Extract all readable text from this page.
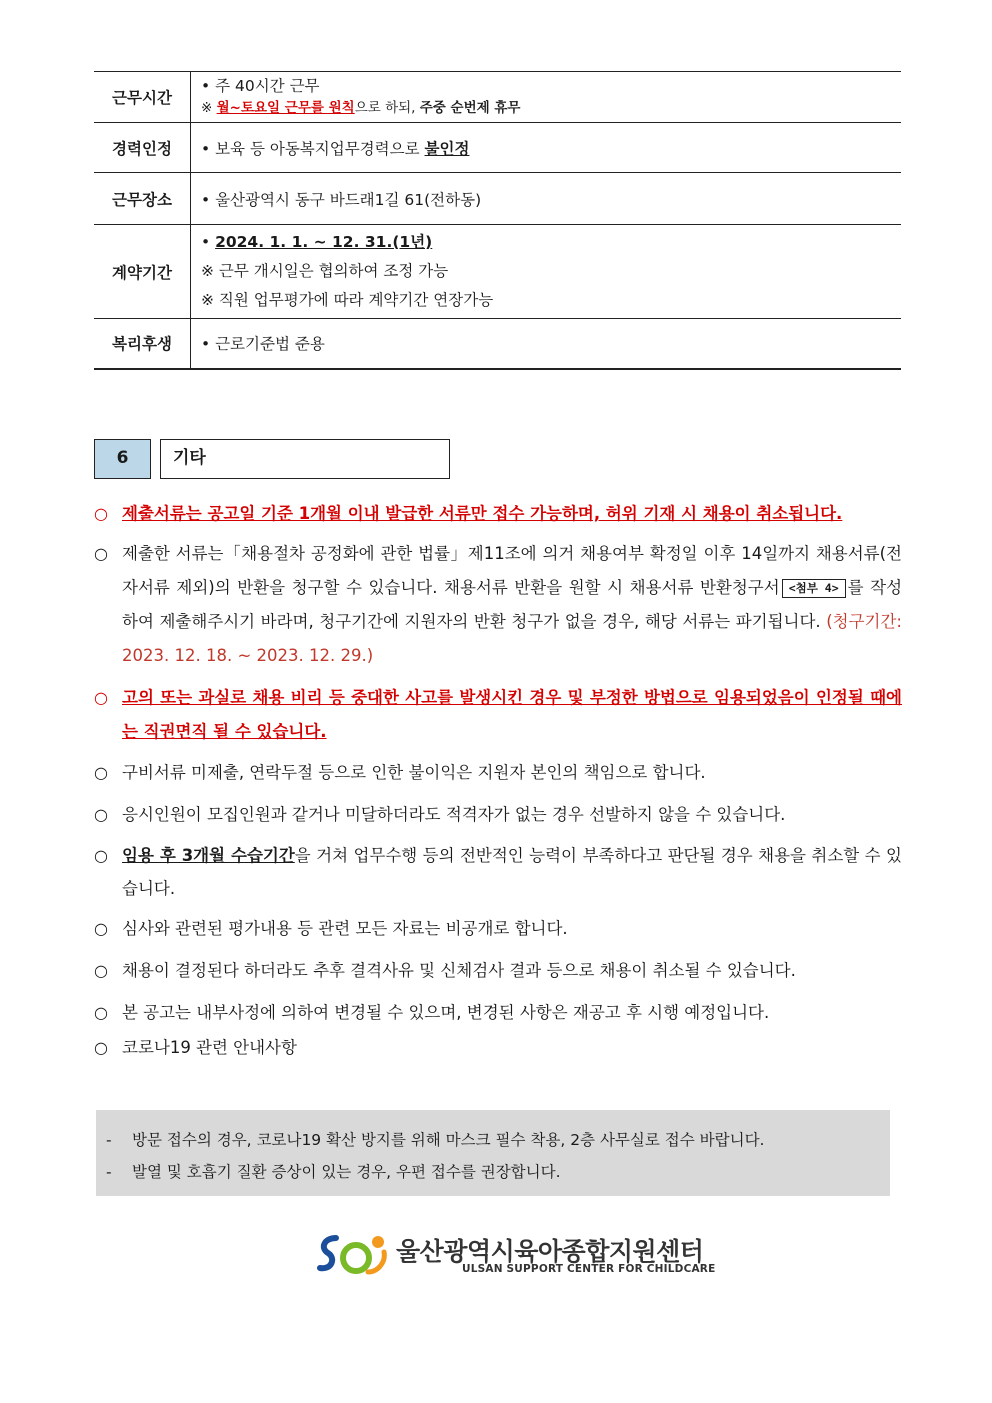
근무시간	• 주 40시간 근무
※ 월~토요일 근무를 원칙으로 하되, 주중 순번제 휴무

경력인정	• 보육 등 아동복지업무경력으로 불인정
근무장소	• 울산광역시 동구 바드래1길 61(전하동)
계약기간	• 2024. 1. 1. ~ 12. 31.(1년)
※ 근무 개시일은 협의하여 조정 가능
※ 직원 업무평가에 따라 계약기간 연장가능

복리후생	• 근로기준법 준용
6	기타
○ 제출서류는 공고일 기준 1개월 이내 발급한 서류만 접수 가능하며, 허위 기재 시 채용이 취소됩니다.
○ 제출한 서류는「채용절차 공정화에 관한 법률」제11조에 의거 채용여부 확정일 이후 14일까지 채용서류(전자서류 제외)의 반환을 청구할 수 있습니다. 채용서류 반환을 원할 시 채용서류 반환청구서 <첨부 4> 를 작성하여 제출해주시기 바라며, 청구기간에 지원자의 반환 청구가 없을 경우, 해당 서류는 파기됩니다. (청구기간: 2023. 12. 18. ~ 2023. 12. 29.)
○ 고의 또는 과실로 채용 비리 등 중대한 사고를 발생시킨 경우 및 부정한 방법으로 임용되었음이 인정될 때에는 직권면직 될 수 있습니다.
○ 구비서류 미제출, 연락두절 등으로 인한 불이익은 지원자 본인의 책임으로 합니다.
○ 응시인원이 모집인원과 같거나 미달하더라도 적격자가 없는 경우 선발하지 않을 수 있습니다.
○ 임용 후 3개월 수습기간을 거쳐 업무수행 등의 전반적인 능력이 부족하다고 판단될 경우 채용을 취소할 수 있습니다.
○ 심사와 관련된 평가내용 등 관련 모든 자료는 비공개로 합니다.
○ 채용이 결정된다 하더라도 추후 결격사유 및 신체검사 결과 등으로 채용이 취소될 수 있습니다.
○ 본 공고는 내부사정에 의하여 변경될 수 있으며, 변경된 사항은 재공고 후 시행 예정입니다.
○ 코로나19 관련 안내사항
- 방문 접수의 경우, 코로나19 확산 방지를 위해 마스크 필수 착용, 2층 사무실로 접수 바랍니다.
- 발열 및 호흡기 질환 증상이 있는 경우, 우편 접수를 권장합니다.
울산광역시육아종합지원센터
ULSAN SUPPORT CENTER FOR CHILDCARE
